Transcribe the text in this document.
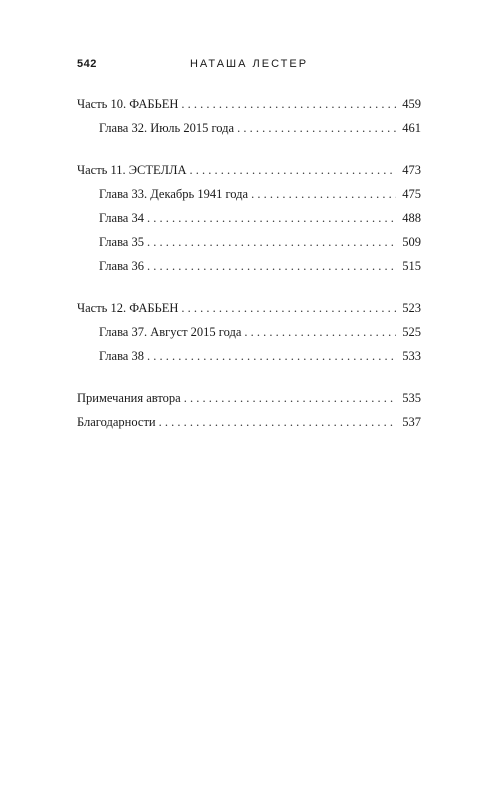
542	НАТАША ЛЕСТЕР
Часть 10. ФАБЬЕН . . .	459
Глава 32. Июль 2015 года . . .	461
Часть 11. ЭСТЕЛЛА . . .	473
Глава 33. Декабрь 1941 года . . .	475
Глава 34 . . .	488
Глава 35 . . .	509
Глава 36 . . .	515
Часть 12. ФАБЬЕН . . .	523
Глава 37. Август 2015 года . . .	525
Глава 38 . . .	533
Примечания автора . . .	535
Благодарности . . .	537
